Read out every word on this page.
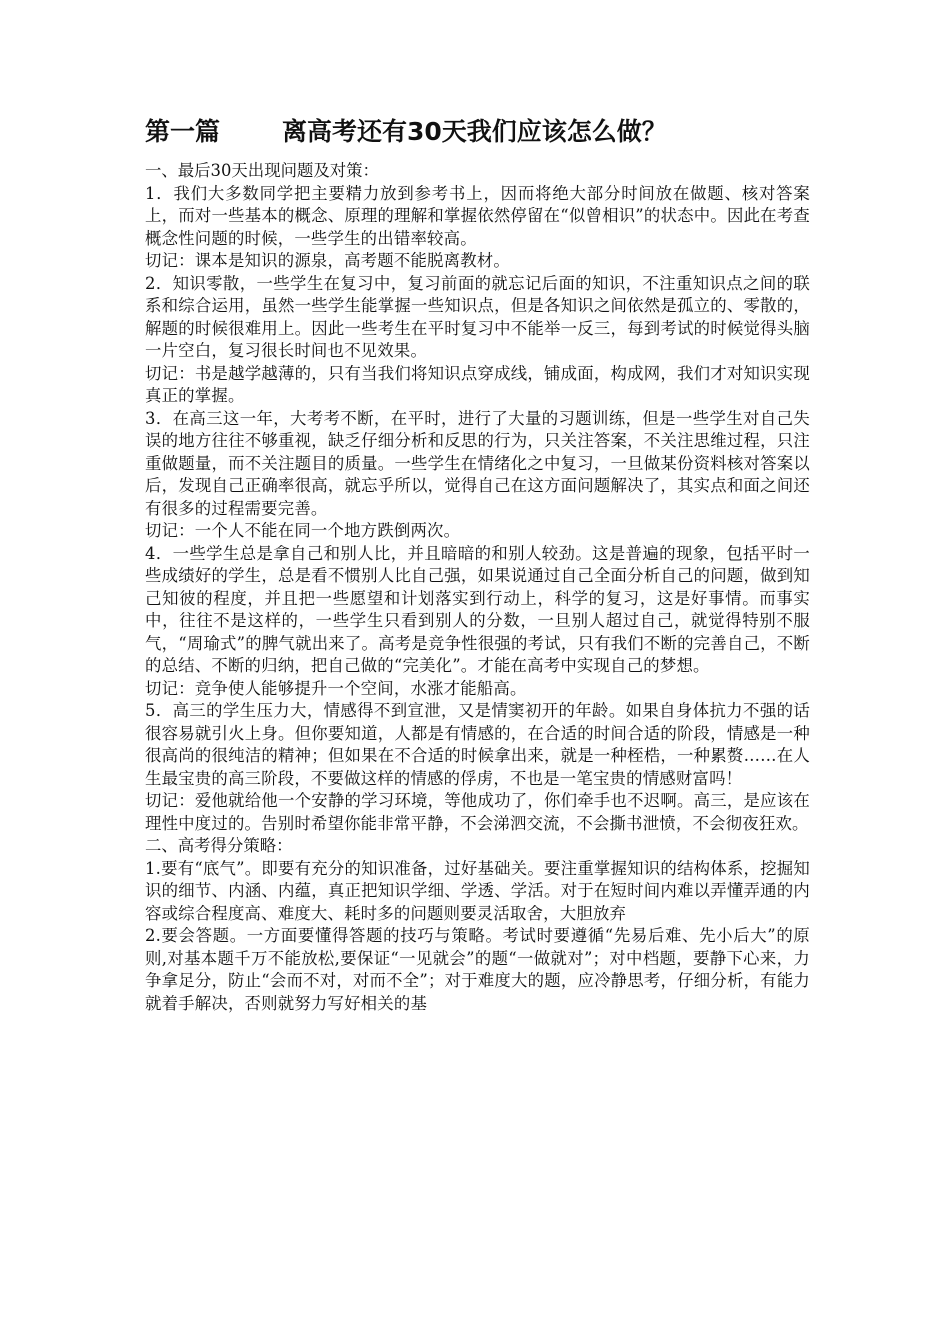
第一篇 离高考还有30天我们应该怎么做？

一、最后30天出现问题及对策：

1．我们大多数同学把主要精力放到参考书上，因而将绝大部分时间放在做题、核对答案上，而对一些基本的概念、原理的理解和掌握依然停留在“似曾相识”的状态中。因此在考查概念性问题的时候，一些学生的出错率较高。

切记：课本是知识的源泉，高考题不能脱离教材。

2．知识零散，一些学生在复习中，复习前面的就忘记后面的知识，不注重知识点之间的联系和综合运用，虽然一些学生能掌握一些知识点，但是各知识之间依然是孤立的、零散的，解题的时候很难用上。因此一些考生在平时复习中不能举一反三，每到考试的时候觉得头脑一片空白，复习很长时间也不见效果。

切记：书是越学越薄的，只有当我们将知识点穿成线，铺成面，构成网，我们才对知识实现真正的掌握。

3．在高三这一年，大考考不断，在平时，进行了大量的习题训练，但是一些学生对自己失误的地方往往不够重视，缺乏仔细分析和反思的行为，只关注答案，不关注思维过程，只注重做题量，而不关注题目的质量。一些学生在情绪化之中复习，一旦做某份资料核对答案以后，发现自己正确率很高，就忘乎所以，觉得自己在这方面问题解决了，其实点和面之间还有很多的过程需要完善。

切记：一个人不能在同一个地方跌倒两次。

4．一些学生总是拿自己和别人比，并且暗暗的和别人较劲。这是普遍的现象，包括平时一些成绩好的学生，总是看不惯别人比自己强，如果说通过自己全面分析自己的问题，做到知己知彼的程度，并且把一些愿望和计划落实到行动上，科学的复习，这是好事情。而事实中，往往不是这样的，一些学生只看到别人的分数，一旦别人超过自己，就觉得特别不服气，“周瑜式”的脾气就出来了。高考是竞争性很强的考试，只有我们不断的完善自己，不断的总结、不断的归纳，把自己做的“完美化”。才能在高考中实现自己的梦想。

切记：竞争使人能够提升一个空间，水涨才能船高。

5．高三的学生压力大，情感得不到宣泄，又是情窦初开的年龄。如果自身体抗力不强的话很容易就引火上身。但你要知道，人都是有情感的，在合适的时间合适的阶段，情感是一种很高尚的很纯洁的精神；但如果在不合适的时候拿出来，就是一种桎梏，一种累赘……在人生最宝贵的高三阶段，不要做这样的情感的俘虏，不也是一笔宝贵的情感财富吗！

切记：爱他就给他一个安静的学习环境，等他成功了，你们牵手也不迟啊。高三，是应该在理性中度过的。告别时希望你能非常平静，不会涕泗交流，不会撕书泄愤，不会彻夜狂欢。

二、高考得分策略：

1.要有“底气”。即要有充分的知识准备，过好基础关。要注重掌握知识的结构体系，挖掘知识的细节、内涵、内蕴，真正把知识学细、学透、学活。对于在短时间内难以弄懂弄通的内容或综合程度高、难度大、耗时多的问题则要灵活取舍，大胆放弃

2.要会答题。一方面要懂得答题的技巧与策略。考试时要遵循“先易后难、先小后大”的原则,对基本题千万不能放松,要保证“一见就会”的题“一做就对”；对中档题，要静下心来，力争拿足分，防止“会而不对，对而不全”；对于难度大的题，应冷静思考，仔细分析，有能力就着手解决，否则就努力写好相关的基
